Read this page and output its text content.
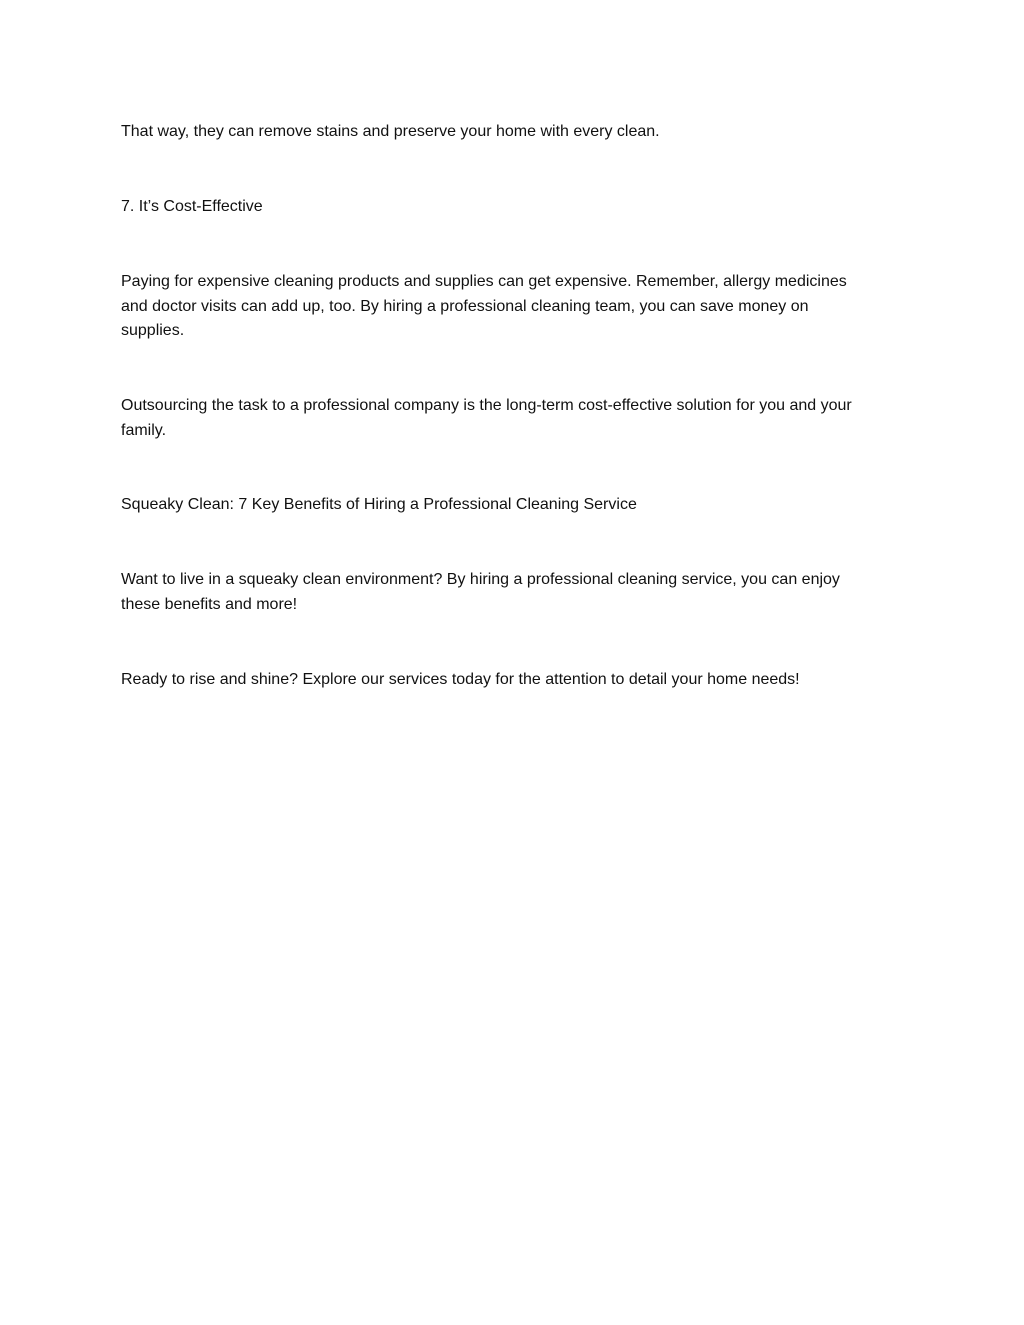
That way, they can remove stains and preserve your home with every clean.

7. It’s Cost-Effective

Paying for expensive cleaning products and supplies can get expensive. Remember, allergy medicines
and doctor visits can add up, too. By hiring a professional cleaning team, you can save money on
supplies.

Outsourcing the task to a professional company is the long-term cost-effective solution for you and your
family.

Squeaky Clean: 7 Key Benefits of Hiring a Professional Cleaning Service

Want to live in a squeaky clean environment? By hiring a professional cleaning service, you can enjoy
these benefits and more!

Ready to rise and shine? Explore our services today for the attention to detail your home needs!
